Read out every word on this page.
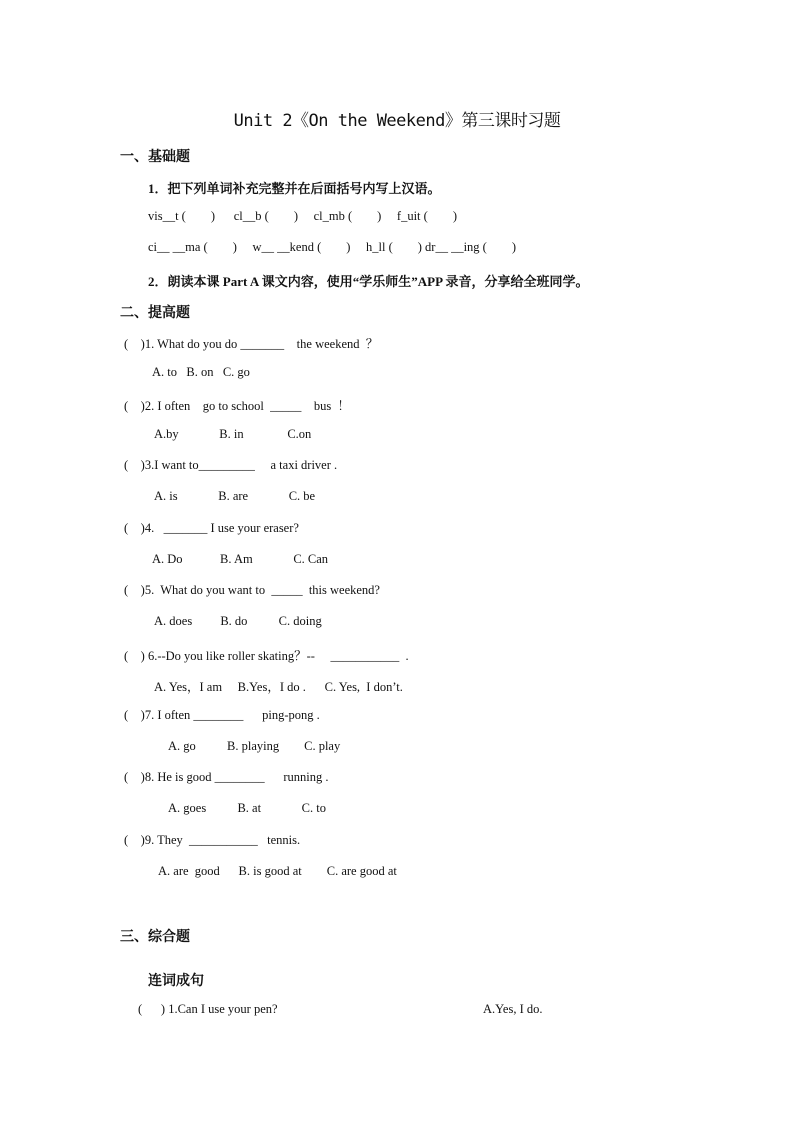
Unit 2《On the Weekend》第三课时习题
一、基础题
1．把下列单词补充完整并在后面括号内写上汉语。
vis__t (        )      cl__b (        )     cl_mb (        )     f_uit (        )
ci__ __ma (        )     w__ __kend (        )     h_ll (        ) dr__ __ing (        )
2．朗读本课 Part A 课文内容，使用“学乐师生”APP 录音，分享给全班同学。
二、提高题
(    )1. What do you do _______    the weekend  ？
A. to   B. on   C. go
(    )2. I often    go to school  _____    bus  ！
A.by             B. in              C.on
(    )3.I want to_________     a taxi driver .
A. is             B. are             C. be
(    )4.   _______ I use your eraser?
A. Do            B. Am             C. Can
(    )5.  What do you want to  _____  this weekend?
A. does         B. do          C. doing
(    ) 6.--Do you like roller skating？--     ___________  .
A. Yes，I am     B.Yes，I do .      C. Yes,  I don’t.
(    )7. I often ________      ping-pong .
A. go          B. playing        C. play
(    )8. He is good ________      running .
A. goes          B. at             C. to
(    )9. They  ___________   tennis.
A. are  good      B. is good at        C. are good at
三、综合题
连词成句
(      ) 1.Can I use your pen?	A.Yes, I do.
